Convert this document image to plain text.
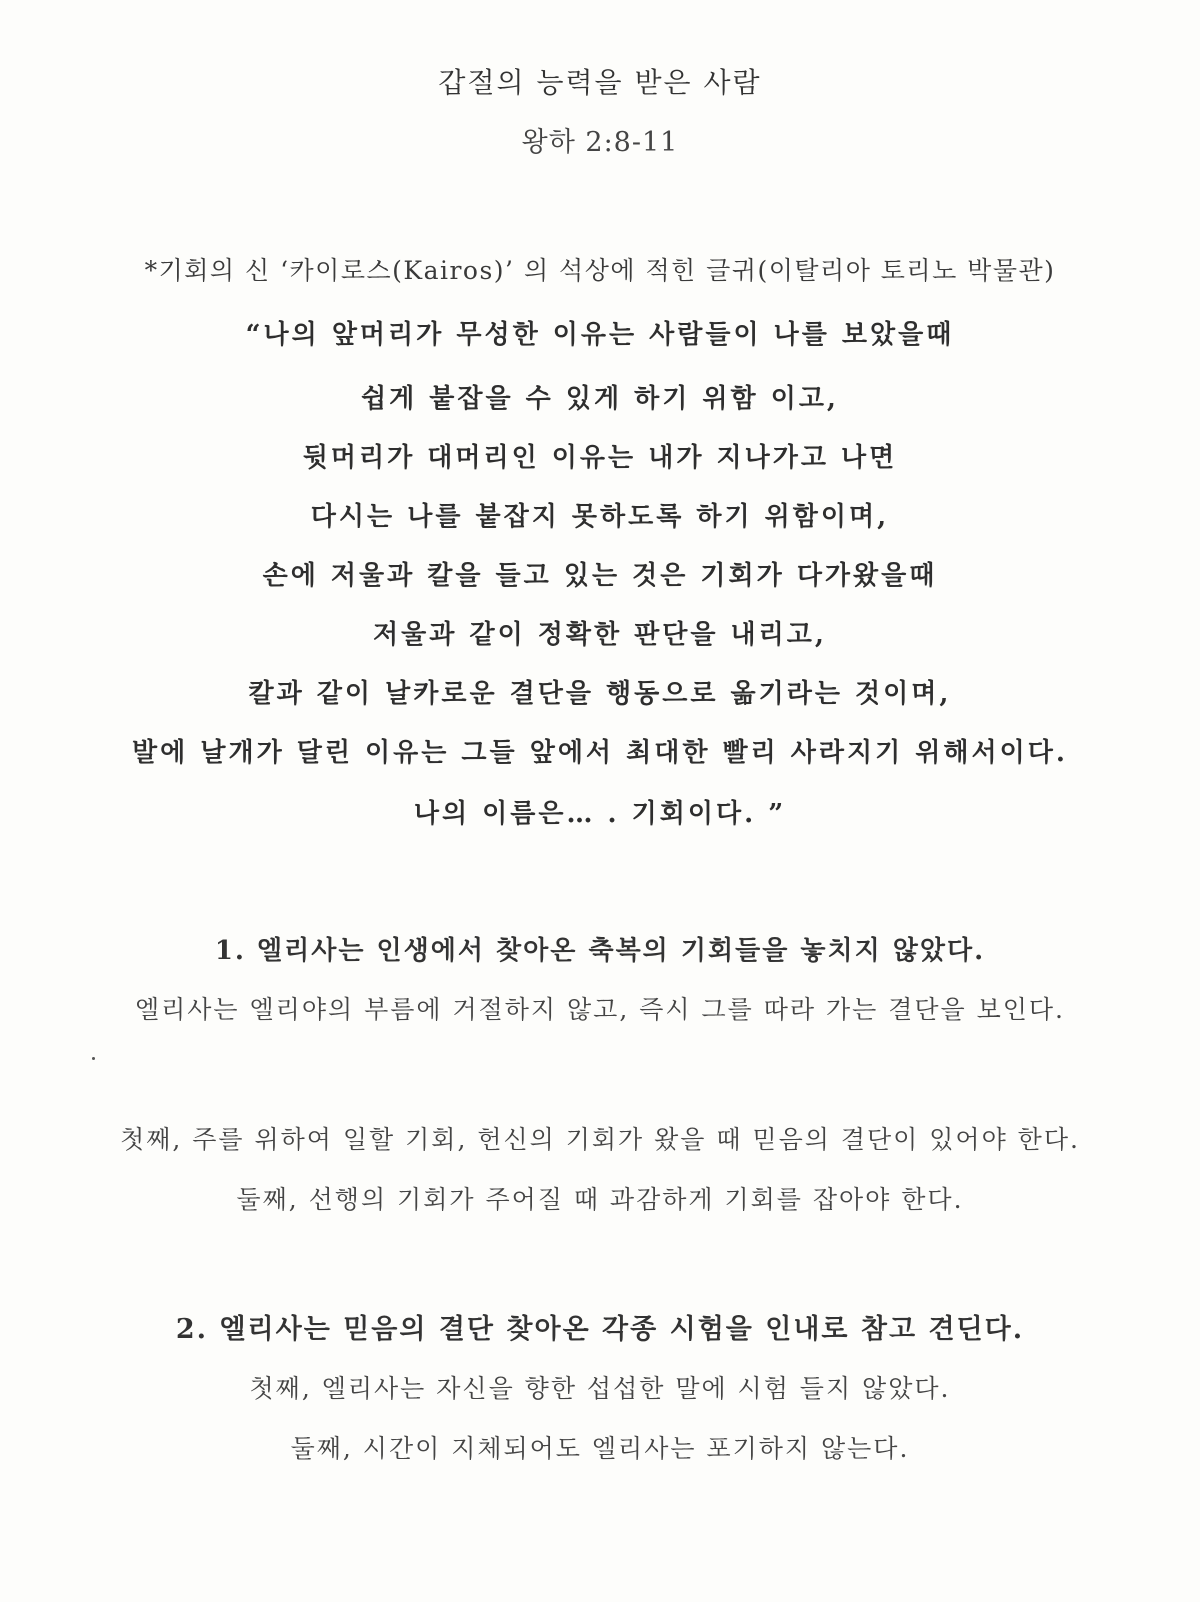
갑절의 능력을 받은 사람
왕하 2:8-11
*기회의 신 ‘카이로스(Kairos)’ 의 석상에 적힌 글귀(이탈리아 토리노 박물관)
“나의 앞머리가 무성한 이유는 사람들이 나를 보았을때
쉽게 붙잡을 수 있게 하기 위함 이고,
뒷머리가 대머리인 이유는 내가 지나가고 나면
다시는 나를 붙잡지 못하도록 하기 위함이며,
손에 저울과 칼을 들고 있는 것은 기회가 다가왔을때
저울과 같이 정확한 판단을 내리고,
칼과 같이 날카로운 결단을 행동으로 옮기라는 것이며,
발에 날개가 달린 이유는 그들 앞에서 최대한 빨리 사라지기 위해서이다.
나의 이름은… . 기회이다. ”
1. 엘리사는 인생에서 찾아온 축복의 기회들을 놓치지 않았다.
엘리사는 엘리야의 부름에 거절하지 않고, 즉시 그를 따라 가는 결단을 보인다.
첫째, 주를 위하여 일할 기회, 헌신의 기회가 왔을 때 믿음의 결단이 있어야 한다.
둘째, 선행의 기회가 주어질 때 과감하게 기회를 잡아야 한다.
2. 엘리사는 믿음의 결단 찾아온 각종 시험을 인내로 참고 견딘다.
첫째, 엘리사는 자신을 향한 섭섭한 말에 시험 들지 않았다.
둘째, 시간이 지체되어도 엘리사는 포기하지 않는다.
